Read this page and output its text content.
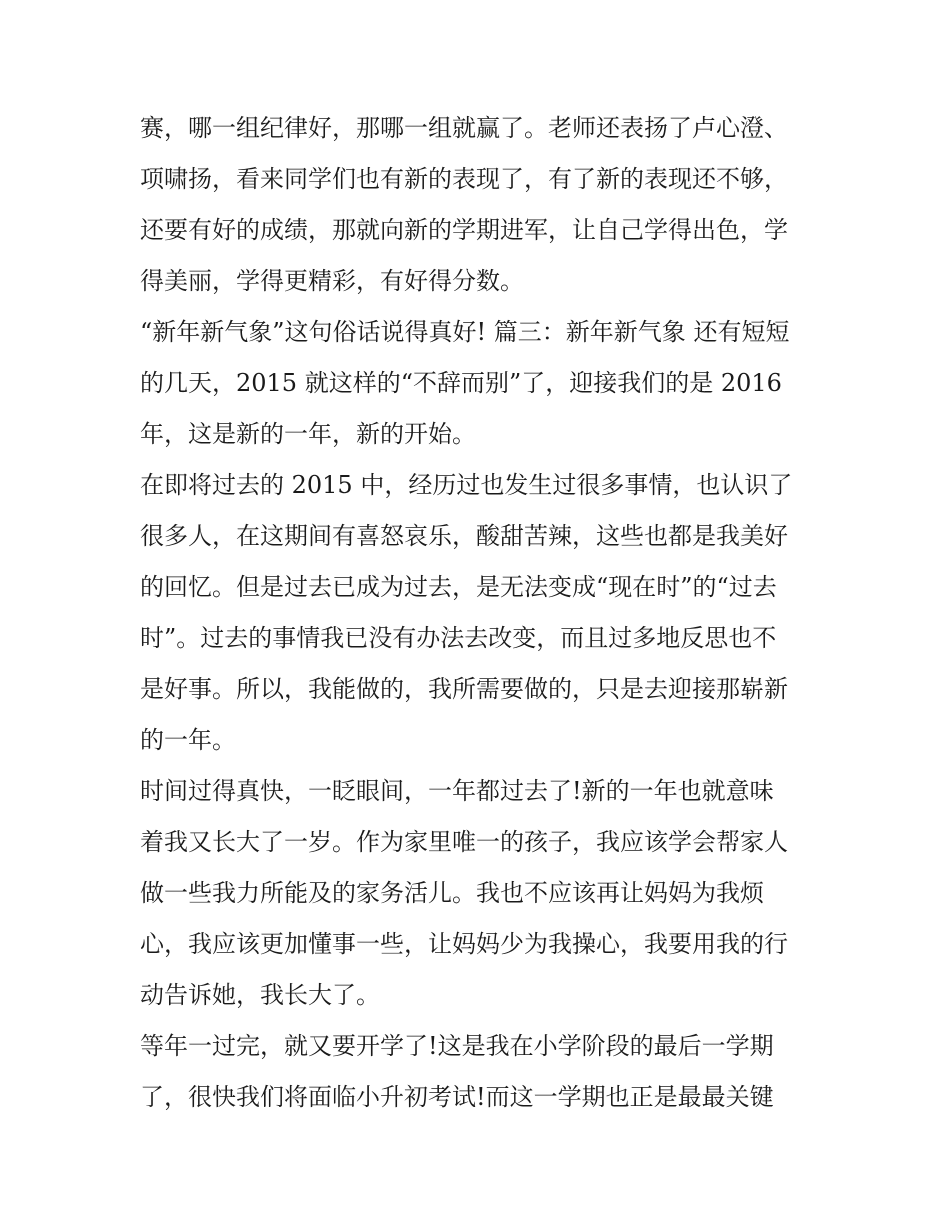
赛，哪一组纪律好，那哪一组就赢了。老师还表扬了卢心澄、
项啸扬，看来同学们也有新的表现了，有了新的表现还不够，
还要有好的成绩，那就向新的学期进军，让自己学得出色，学
得美丽，学得更精彩，有好得分数。
“新年新气象”这句俗话说得真好! 篇三：新年新气象 还有短短
的几天，2015 就这样的“不辞而别”了，迎接我们的是 2016
年，这是新的一年，新的开始。
在即将过去的 2015 中，经历过也发生过很多事情，也认识了
很多人，在这期间有喜怒哀乐，酸甜苦辣，这些也都是我美好
的回忆。但是过去已成为过去，是无法变成“现在时”的“过去
时”。过去的事情我已没有办法去改变，而且过多地反思也不
是好事。所以，我能做的，我所需要做的，只是去迎接那崭新
的一年。
时间过得真快，一眨眼间，一年都过去了!新的一年也就意味
着我又长大了一岁。作为家里唯一的孩子，我应该学会帮家人
做一些我力所能及的家务活儿。我也不应该再让妈妈为我烦
心，我应该更加懂事一些，让妈妈少为我操心，我要用我的行
动告诉她，我长大了。
等年一过完，就又要开学了!这是我在小学阶段的最后一学期
了，很快我们将面临小升初考试!而这一学期也正是最最关键
